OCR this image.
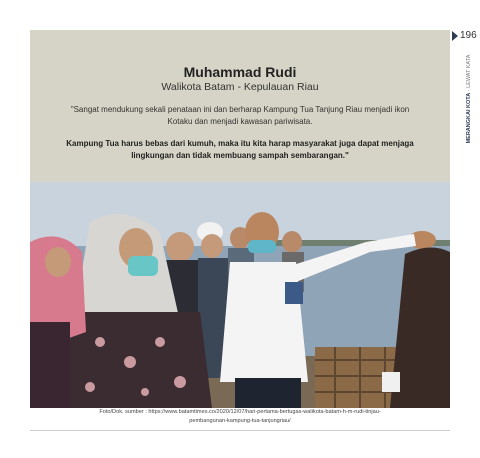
196
MERANGKAI KOTA · LEWAT KATA
Muhammad Rudi
Walikota Batam - Kepulauan Riau
"Sangat mendukung sekali penataan ini dan berharap Kampung Tua Tanjung Riau menjadi ikon Kotaku dan menjadi kawasan pariwisata.
Kampung Tua harus bebas dari kumuh, maka itu kita harap masyarakat juga dapat menjaga lingkungan dan tidak membuang sampah sembarangan."
Foto/Dok. sumber : https://www.batamtimes.co/2020/12/07/hari-pertama-bertugas-walikota-batam-h-m-rudi-tinjau-
pembangunan-kampung-tua-tanjungriau/
